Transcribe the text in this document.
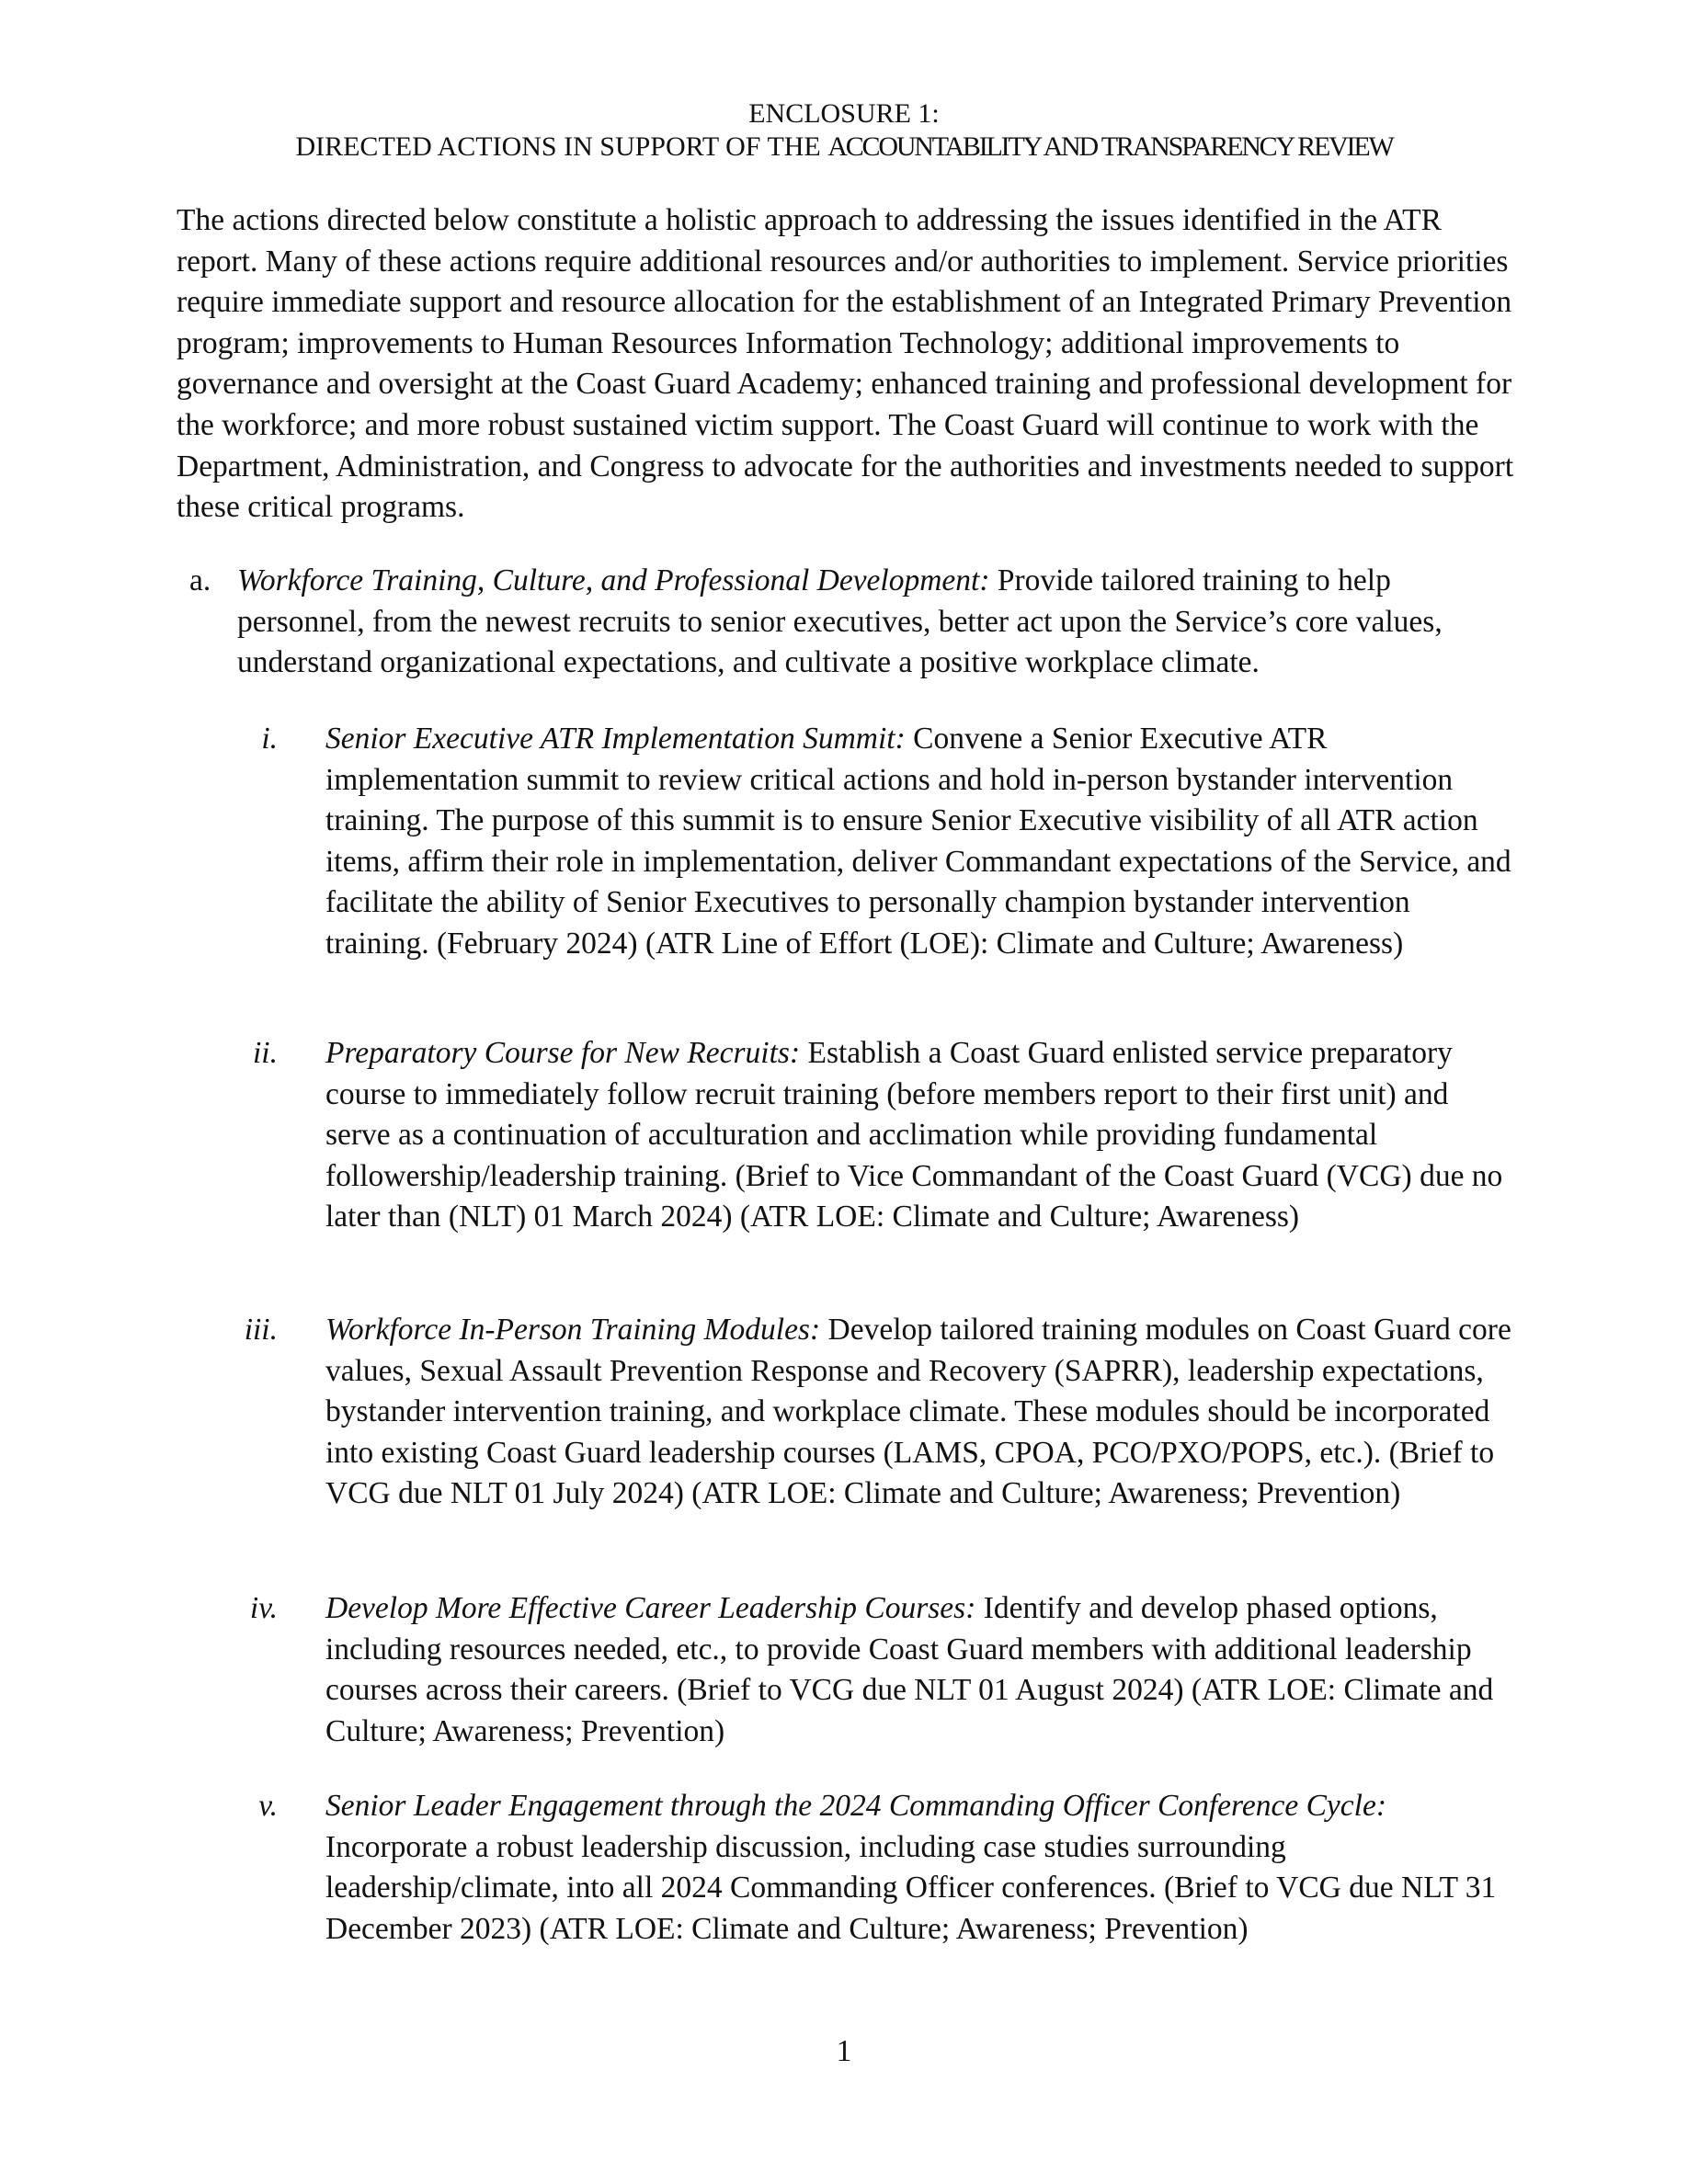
ENCLOSURE 1:
DIRECTED ACTIONS IN SUPPORT OF THE ACCOUNTABILITY AND TRANSPARENCY REVIEW

The actions directed below constitute a holistic approach to addressing the issues identified in the ATR report. Many of these actions require additional resources and/or authorities to implement. Service priorities require immediate support and resource allocation for the establishment of an Integrated Primary Prevention program; improvements to Human Resources Information Technology; additional improvements to governance and oversight at the Coast Guard Academy; enhanced training and professional development for the workforce; and more robust sustained victim support. The Coast Guard will continue to work with the Department, Administration, and Congress to advocate for the authorities and investments needed to support these critical programs.

a. Workforce Training, Culture, and Professional Development: Provide tailored training to help personnel, from the newest recruits to senior executives, better act upon the Service’s core values, understand organizational expectations, and cultivate a positive workplace climate.
i. Senior Executive ATR Implementation Summit: Convene a Senior Executive ATR implementation summit to review critical actions and hold in-person bystander intervention training. The purpose of this summit is to ensure Senior Executive visibility of all ATR action items, affirm their role in implementation, deliver Commandant expectations of the Service, and facilitate the ability of Senior Executives to personally champion bystander intervention training. (February 2024) (ATR Line of Effort (LOE): Climate and Culture; Awareness)
ii. Preparatory Course for New Recruits: Establish a Coast Guard enlisted service preparatory course to immediately follow recruit training (before members report to their first unit) and serve as a continuation of acculturation and acclimation while providing fundamental followership/leadership training. (Brief to Vice Commandant of the Coast Guard (VCG) due no later than (NLT) 01 March 2024) (ATR LOE: Climate and Culture; Awareness)
iii. Workforce In-Person Training Modules: Develop tailored training modules on Coast Guard core values, Sexual Assault Prevention Response and Recovery (SAPRR), leadership expectations, bystander intervention training, and workplace climate. These modules should be incorporated into existing Coast Guard leadership courses (LAMS, CPOA, PCO/PXO/POPS, etc.). (Brief to VCG due NLT 01 July 2024) (ATR LOE: Climate and Culture; Awareness; Prevention)
iv. Develop More Effective Career Leadership Courses: Identify and develop phased options, including resources needed, etc., to provide Coast Guard members with additional leadership courses across their careers. (Brief to VCG due NLT 01 August 2024) (ATR LOE: Climate and Culture; Awareness; Prevention)
v. Senior Leader Engagement through the 2024 Commanding Officer Conference Cycle: Incorporate a robust leadership discussion, including case studies surrounding leadership/climate, into all 2024 Commanding Officer conferences. (Brief to VCG due NLT 31 December 2023) (ATR LOE: Climate and Culture; Awareness; Prevention)
1
